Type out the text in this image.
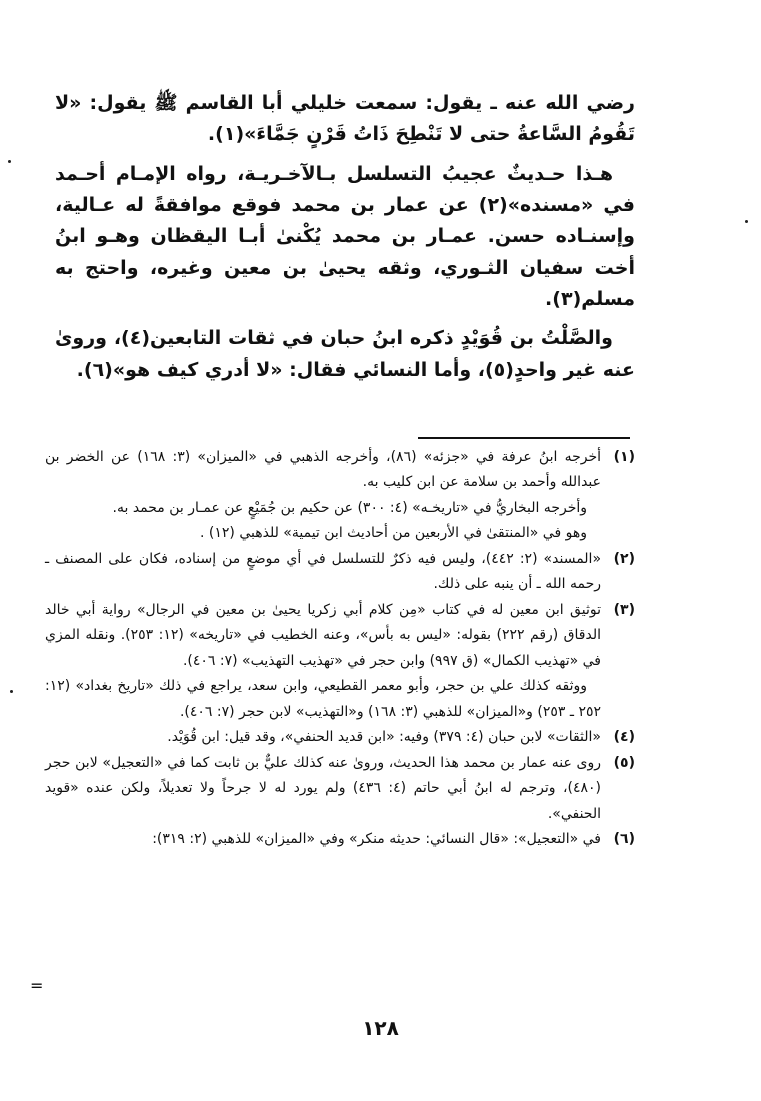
رضي الله عنه ـ يقول: سمعت خليلي أبا القاسم ﷺ يقول: «لا تَقُومُ السَّاعةُ حتى لا تَنْطِحَ ذَاتُ قَرْنٍ جَمَّاءَ»(١).

هـذا حـديثٌ عجيبُ التسلسل بـالآخـريـة، رواه الإمـام أحـمد في «مسنده»(٢) عن عمار بن محمد فوقع موافقةً له عـالية، وإسنـاده حسن. عمـار بن محمد يُكْنىٰ أبـا اليقظان وهـو ابنُ أخت سفيان الثـوري، وثقه يحيىٰ بن معين وغيره، واحتج به مسلم(٣).

والصَّلْتُ بن قُوَيْدٍ ذكره ابنُ حبان في ثقات التابعين(٤)، وروىٰ عنه غير واحدٍ(٥)، وأما النسائي فقال: «لا أدري كيف هو»(٦).

(١)

أخرجه ابنُ عرفة في «جزئه» (٨٦)، وأخرجه الذهبي في «الميزان» (٣: ١٦٨) عن الخضر بن عبدالله وأحمد بن سلامة عن ابن كليب به.

وأخرجه البخاريُّ في «تاريخـه» (٤: ٣٠٠) عن حكيم بن جُمَيْعٍ عن عمـار بن محمد به.

وهو في «المنتقىٰ في الأربعين من أحاديث ابن تيمية» للذهبي (١٢) .

(٢)

«المسند» (٢: ٤٤٢)، وليس فيه ذكرٌ للتسلسل في أي موضعٍ من إسناده، فكان على المصنف ـ رحمه الله ـ أن ينبه على ذلك.

(٣)

توثيق ابن معين له في كتاب «مِن كلام أبي زكريا يحيىٰ بن معين في الرجال» رواية أبي خالد الدقاق (رقم ٢٢٢) بقوله: «ليس به بأس»، وعنه الخطيب في «تاريخه» (١٢: ٢٥٣). ونقله المزي في «تهذيب الكمال» (ق ٩٩٧) وابن حجر في «تهذيب التهذيب» (٧: ٤٠٦).

ووثقه كذلك علي بن حجر، وأبو معمر القطيعي، وابن سعد، يراجع في ذلك «تاريخ بغداد» (١٢: ٢٥٢ ـ ٢٥٣) و«الميزان» للذهبي (٣: ١٦٨) و«التهذيب» لابن حجر (٧: ٤٠٦).

(٤)

«الثقات» لابن حبان (٤: ٣٧٩) وفيه: «ابن قديد الحنفي»، وقد قيل: ابن قُوَيْد.

(٥)

روى عنه عمار بن محمد هذا الحديث، وروىٰ عنه كذلك عليٌّ بن ثابت كما في «التعجيل» لابن حجر (٤٨٠)، وترجم له ابنُ أبي حاتم (٤: ٤٣٦) ولم يورد له لا جرحاً ولا تعديلاً، ولكن عنده «قويد الحنفي».

(٦)

في «التعجيل»: «قال النسائي: حديثه منكر» وفي «الميزان» للذهبي (٢: ٣١٩):

=
١٢٨
